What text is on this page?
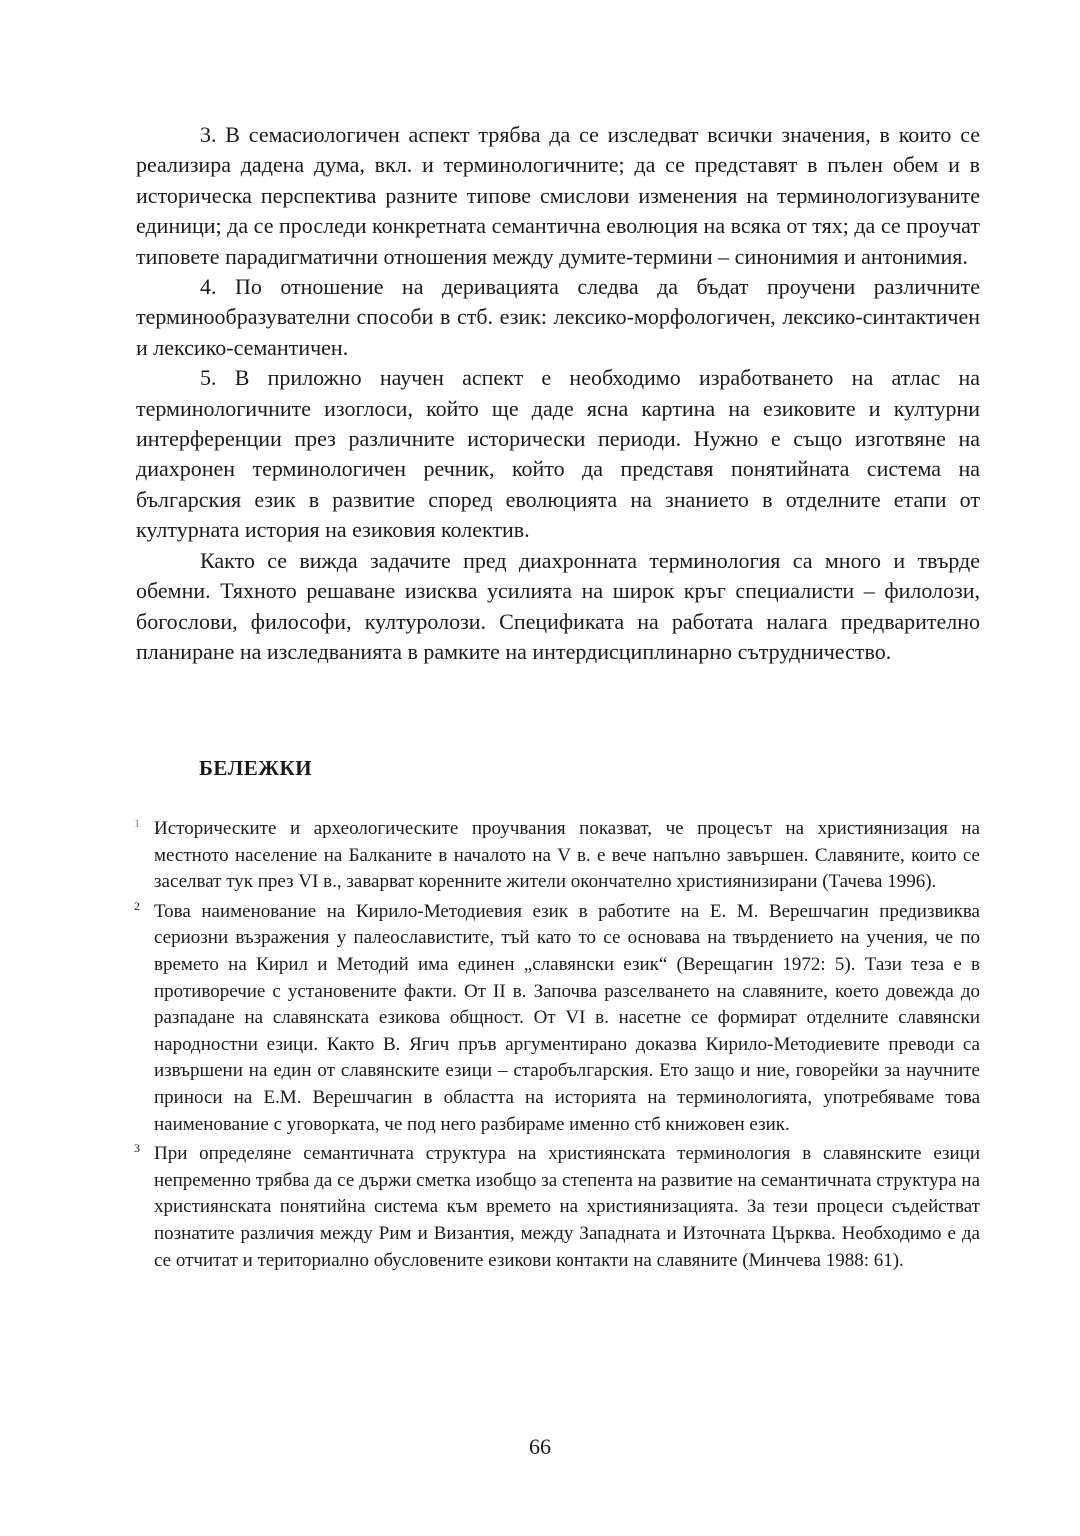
3. В семасиологичен аспект трябва да се изследват всички значения, в които се реализира дадена дума, вкл. и терминологичните; да се представят в пълен обем и в историческа перспектива разните типове смислови изменения на терминологизуваните единици; да се проследи конкретната семантична еволюция на всяка от тях; да се проучат типовете парадигматични отношения между думите-термини – синонимия и антонимия.

4. По отношение на деривацията следва да бъдат проучени различните терминообразувателни способи в стб. език: лексико-морфологичен, лексико-синтактичен и лексико-семантичен.

5. В приложно научен аспект е необходимо изработването на атлас на терминологичните изоглоси, който ще даде ясна картина на езиковите и културни интерференции през различните исторически периоди. Нужно е също изготвяне на диахронен терминологичен речник, който да представя понятийната система на българския език в развитие според еволюцията на знанието в отделните етапи от културната история на езиковия колектив.

Както се вижда задачите пред диахронната терминология са много и твърде обемни. Тяхното решаване изисква усилията на широк кръг специалисти – филолози, богослови, философи, културолози. Спецификата на работата налага предварително планиране на изследванията в рамките на интердисциплинарно сътрудничество.

БЕЛЕЖКИ
1 Историческите и археологическите проучвания показват, че процесът на християнизация на местното население на Балканите в началото на V в. е вече напълно завършен. Славяните, които се заселват тук през VI в., заварват коренните жители окончателно християнизирани (Тачева 1996).
2 Това наименование на Кирило-Методиевия език в работите на Е. М. Верешчагин предизвиква сериозни възражения у палеославистите, тъй като то се основава на твърдението на учения, че по времето на Кирил и Методий има единен „славянски език“ (Верещагин 1972: 5). Тази теза е в противоречие с установените факти. От II в. Започва разселването на славяните, което довежда до разпадане на славянската езикова общност. От VI в. насетне се формират отделните славянски народностни езици. Както В. Ягич пръв аргументирано доказва Кирило-Методиевите преводи са извършени на един от славянските езици – старобългарския. Ето защо и ние, говорейки за научните приноси на Е.М. Верешчагин в областта на историята на терминологията, употребяваме това наименование с уговорката, че под него разбираме именно стб книжовен език.
3 При определяне семантичната структура на християнската терминология в славянските езици непременно трябва да се държи сметка изобщо за степента на развитие на семантичната структура на християнската понятийна система към времето на християнизацията. За тези процеси съдействат познатите различия между Рим и Византия, между Западната и Източната Църква. Необходимо е да се отчитат и териториално обусловените езикови контакти на славяните (Минчева 1988: 61).
66
